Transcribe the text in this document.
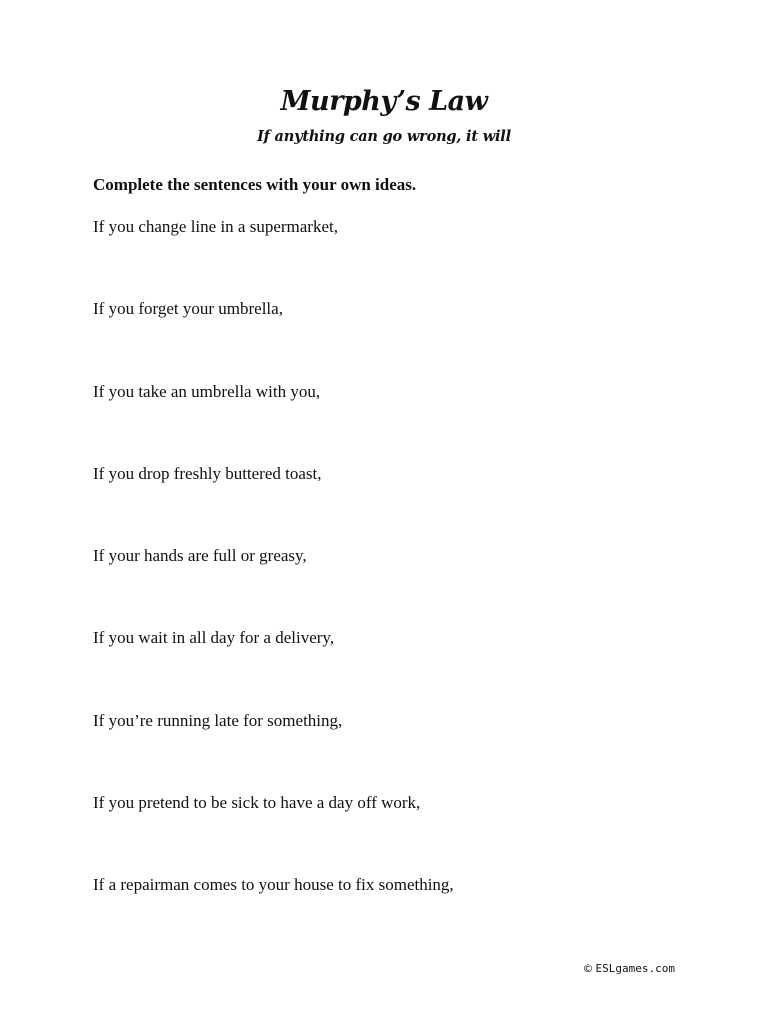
Murphy’s Law
If anything can go wrong, it will
Complete the sentences with your own ideas.
If you change line in a supermarket,
If you forget your umbrella,
If you take an umbrella with you,
If you drop freshly buttered toast,
If your hands are full or greasy,
If you wait in all day for a delivery,
If you’re running late for something,
If you pretend to be sick to have a day off work,
If a repairman comes to your house to fix something,
© ESLgames.com
